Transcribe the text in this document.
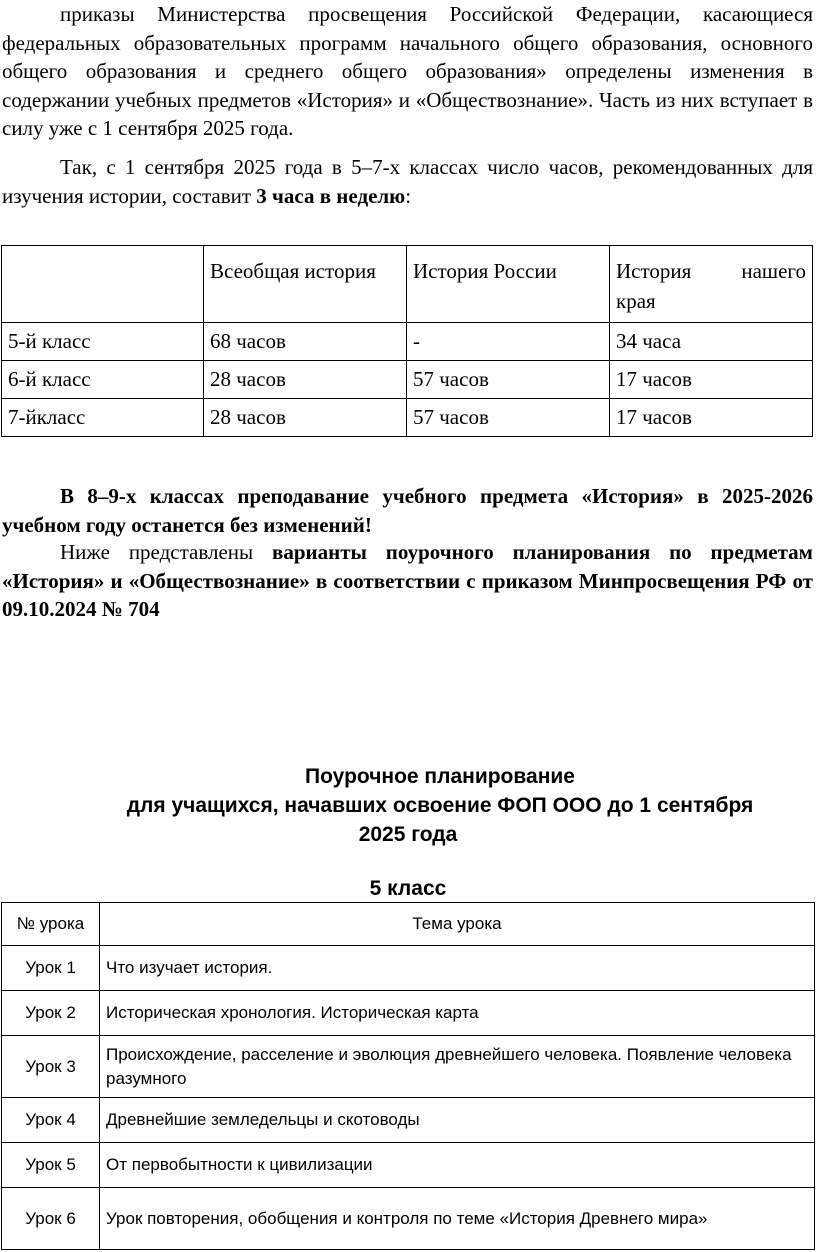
приказы Министерства просвещения Российской Федерации, касающиеся федеральных образовательных программ начального общего образования, основного общего образования и среднего общего образования» определены изменения в содержании учебных предметов «История» и «Обществознание». Часть из них вступает в силу уже с 1 сентября 2025 года.

Так, с 1 сентября 2025 года в 5–7-х классах число часов, рекомендованных для изучения истории, составит 3 часа в неделю:

	Всеобщая история	История России	История нашего края
5-й класс	68 часов	-	34 часа
6-й класс	28 часов	57 часов	17 часов
7-йкласс	28 часов	57 часов	17 часов

В 8–9-х классах преподавание учебного предмета «История» в 2025-2026 учебном году останется без изменений!

Ниже представлены варианты поурочного планирования по предметам «История» и «Обществознание» в соответствии с приказом Минпросвещения РФ от 09.10.2024 № 704

Поурочное планирование
для учащихся, начавших освоение ФОП ООО до 1 сентября
2025 года
5 класс
№ урока	Тема урока
Урок 1	Что изучает история.
Урок 2	Историческая хронология. Историческая карта
Урок 3	Происхождение, расселение и эволюция древнейшего человека. Появление человека разумного
Урок 4	Древнейшие земледельцы и скотоводы
Урок 5	От первобытности к цивилизации
Урок 6	Урок повторения, обобщения и контроля по теме «История Древнего мира»
